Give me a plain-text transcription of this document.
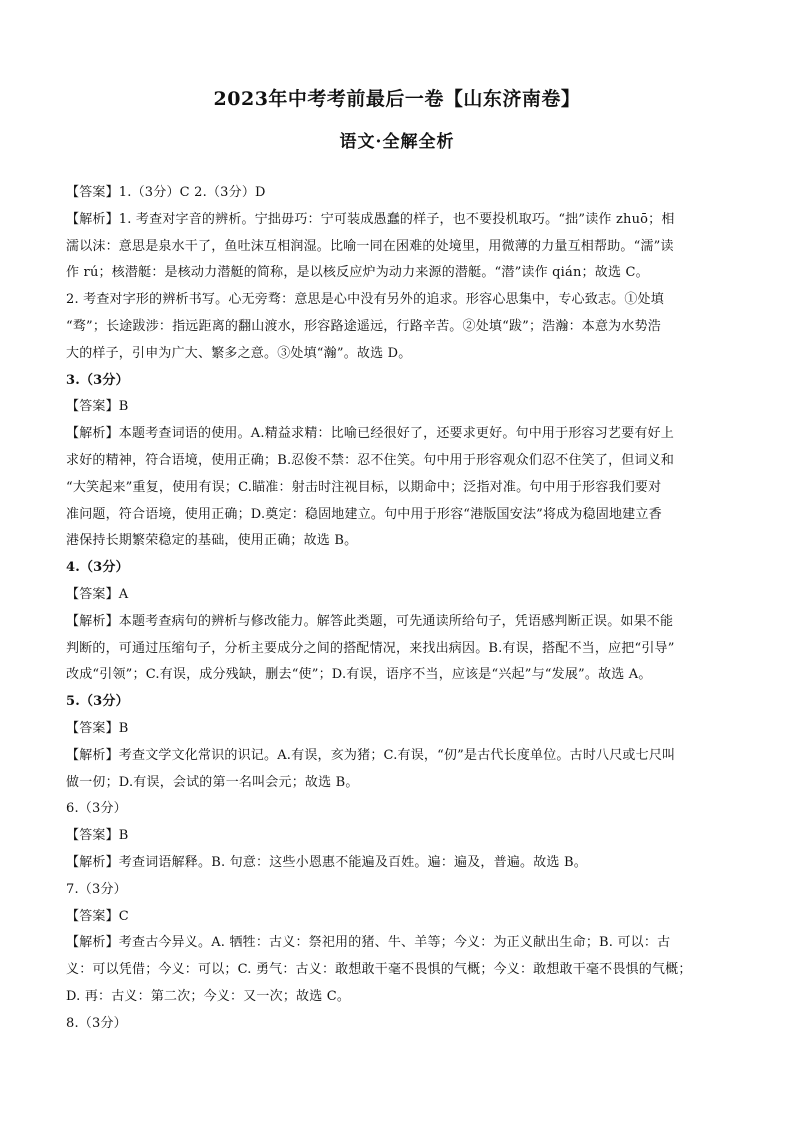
2023年中考考前最后一卷【山东济南卷】
语文·全解全析
【答案】1.（3分）C 2.（3分）D
【解析】1. 考查对字音的辨析。宁拙毋巧：宁可装成愚蠢的样子，也不要投机取巧。“拙”读作 zhuō；相
濡以沫：意思是泉水干了，鱼吐沫互相润湿。比喻一同在困难的处境里，用微薄的力量互相帮助。“濡”读
作 rú；核潜艇：是核动力潜艇的简称，是以核反应炉为动力来源的潜艇。“潜”读作 qián；故选 C。
2. 考查对字形的辨析书写。心无旁骛：意思是心中没有另外的追求。形容心思集中，专心致志。①处填
“骛”；长途跋涉：指远距离的翻山渡水，形容路途遥远，行路辛苦。②处填“跋”；浩瀚：本意为水势浩
大的样子，引申为广大、繁多之意。③处填“瀚”。故选 D。
3.（3分）
【答案】B
【解析】本题考查词语的使用。A.精益求精：比喻已经很好了，还要求更好。句中用于形容习艺要有好上
求好的精神，符合语境，使用正确；B.忍俊不禁：忍不住笑。句中用于形容观众们忍不住笑了，但词义和
“大笑起来”重复，使用有误；C.瞄准：射击时注视目标，以期命中；泛指对准。句中用于形容我们要对
准问题，符合语境，使用正确；D.奠定：稳固地建立。句中用于形容“港版国安法”将成为稳固地建立香
港保持长期繁荣稳定的基础，使用正确；故选 B。
4.（3分）
【答案】A
【解析】本题考查病句的辨析与修改能力。解答此类题，可先通读所给句子，凭语感判断正误。如果不能
判断的，可通过压缩句子，分析主要成分之间的搭配情况，来找出病因。B.有误，搭配不当，应把“引导”
改成“引领”；C.有误，成分残缺，删去“使”；D.有误，语序不当，应该是“兴起”与“发展”。故选 A。
5.（3分）
【答案】B
【解析】考查文学文化常识的识记。A.有误，亥为猪；C.有误，“仞”是古代长度单位。古时八尺或七尺叫
做一仞；D.有误，会试的第一名叫会元；故选 B。
6.（3分）
【答案】B
【解析】考查词语解释。B. 句意：这些小恩惠不能遍及百姓。遍：遍及，普遍。故选 B。
7.（3分）
【答案】C
【解析】考查古今异义。A. 牺牲：古义：祭祀用的猪、牛、羊等；今义：为正义献出生命；B. 可以：古
义：可以凭借；今义：可以；C. 勇气：古义：敢想敢干毫不畏惧的气概；今义：敢想敢干毫不畏惧的气概；
D. 再：古义：第二次；今义：又一次；故选 C。
8.（3分）
